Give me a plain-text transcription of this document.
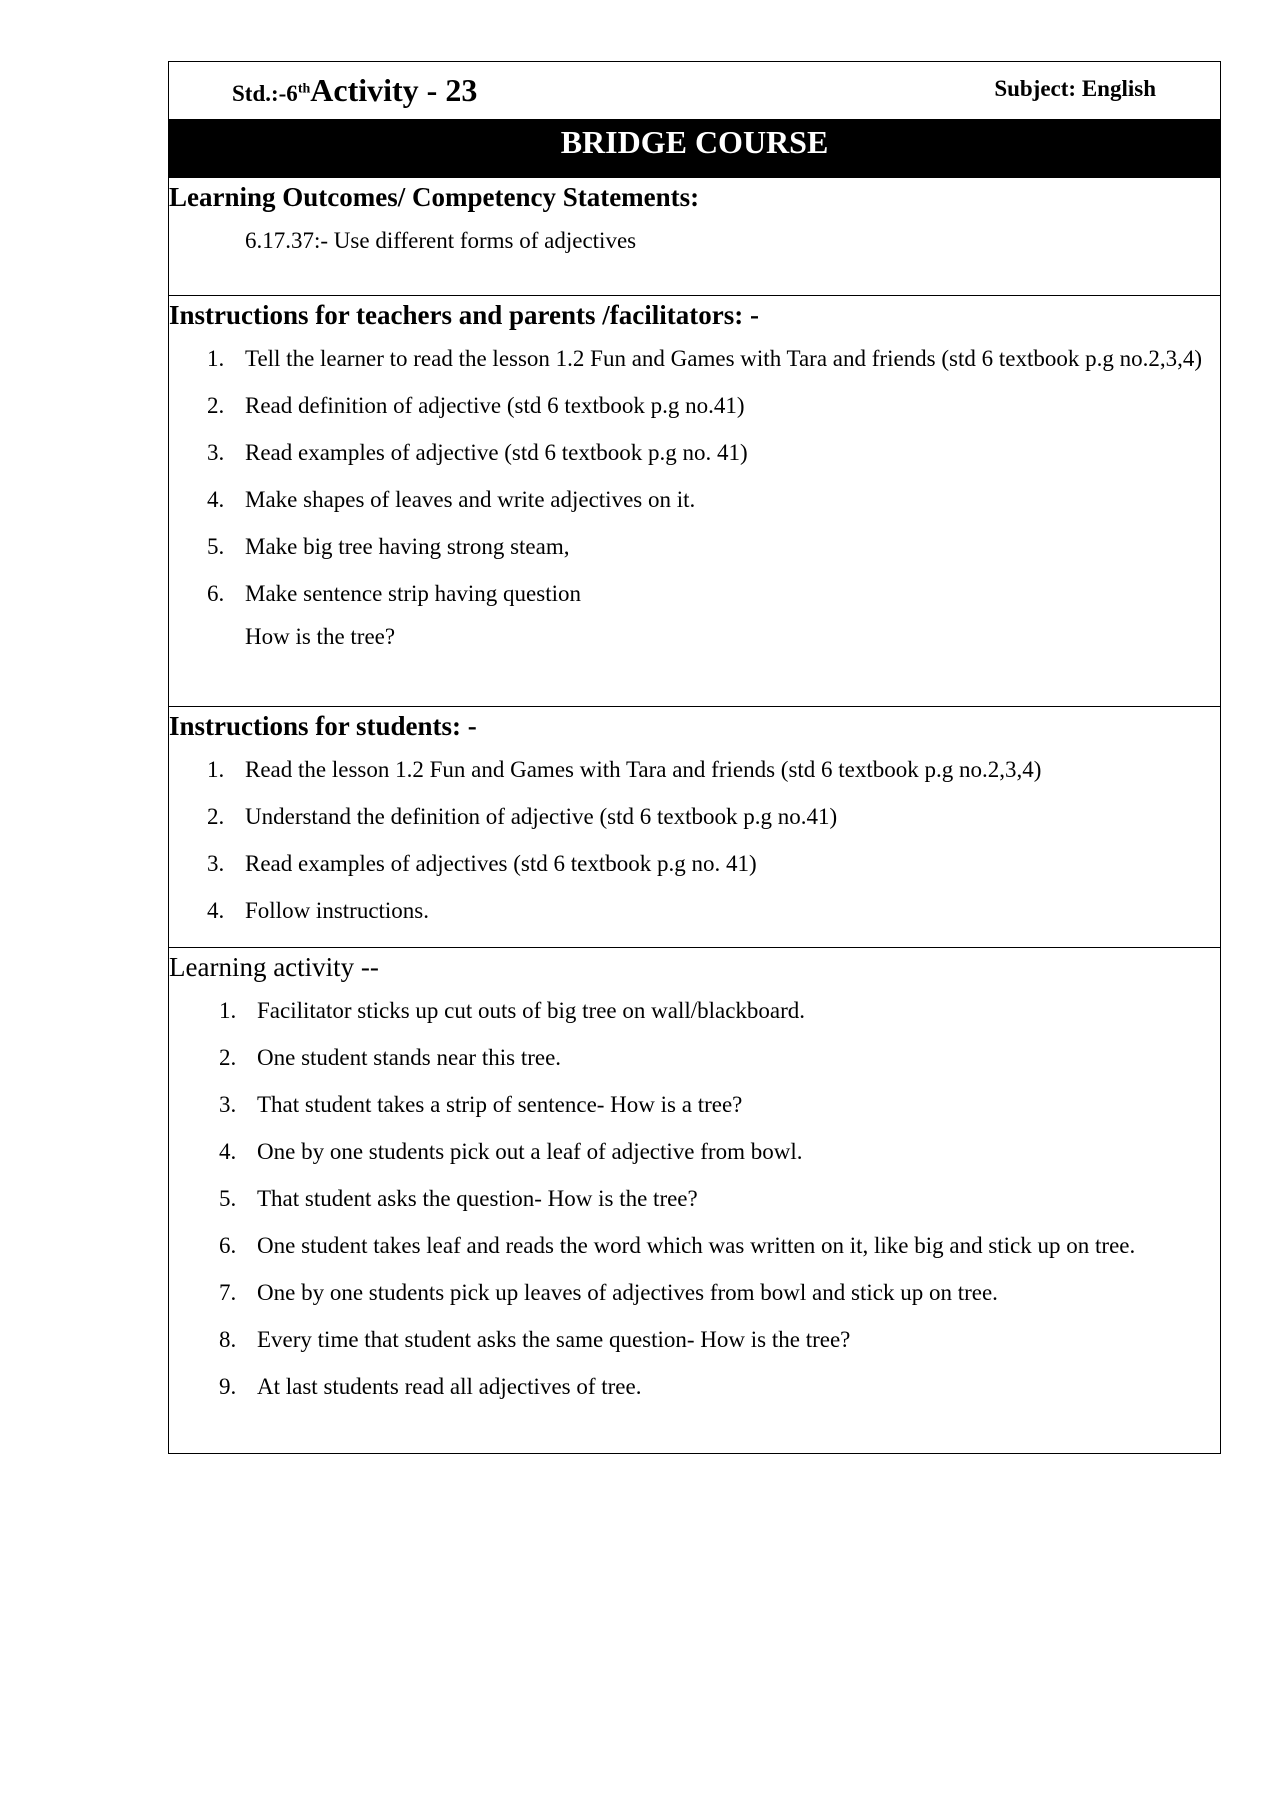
Std.:-6thActivity - 23	Subject: English
BRIDGE COURSE
Learning Outcomes/ Competency Statements:

6.17.37:- Use different forms of adjectives

Instructions for teachers and parents /facilitators: -
1. Tell the learner to read the lesson 1.2 Fun and Games with Tara and friends (std 6 textbook p.g no.2,3,4)
2. Read definition of adjective (std 6 textbook p.g no.41)
3. Read examples of adjective (std 6 textbook p.g no. 41)
4. Make shapes of leaves and write adjectives on it.
5. Make big tree having strong steam,
6. Make sentence strip having question
How is the tree?
Instructions for students: -
1. Read the lesson 1.2 Fun and Games with Tara and friends (std 6 textbook p.g no.2,3,4)
2. Understand the definition of adjective (std 6 textbook p.g no.41)
3. Read examples of adjectives (std 6 textbook p.g no. 41)
4. Follow instructions.
Learning activity --
1. Facilitator sticks up cut outs of big tree on wall/blackboard.
2. One student stands near this tree.
3. That student takes a strip of sentence- How is a tree?
4. One by one students pick out a leaf of adjective from bowl.
5. That student asks the question- How is the tree?
6. One student takes leaf and reads the word which was written on it, like big and stick up on tree.
7. One by one students pick up leaves of adjectives from bowl and stick up on tree.
8. Every time that student asks the same question- How is the tree?
9. At last students read all adjectives of tree.
